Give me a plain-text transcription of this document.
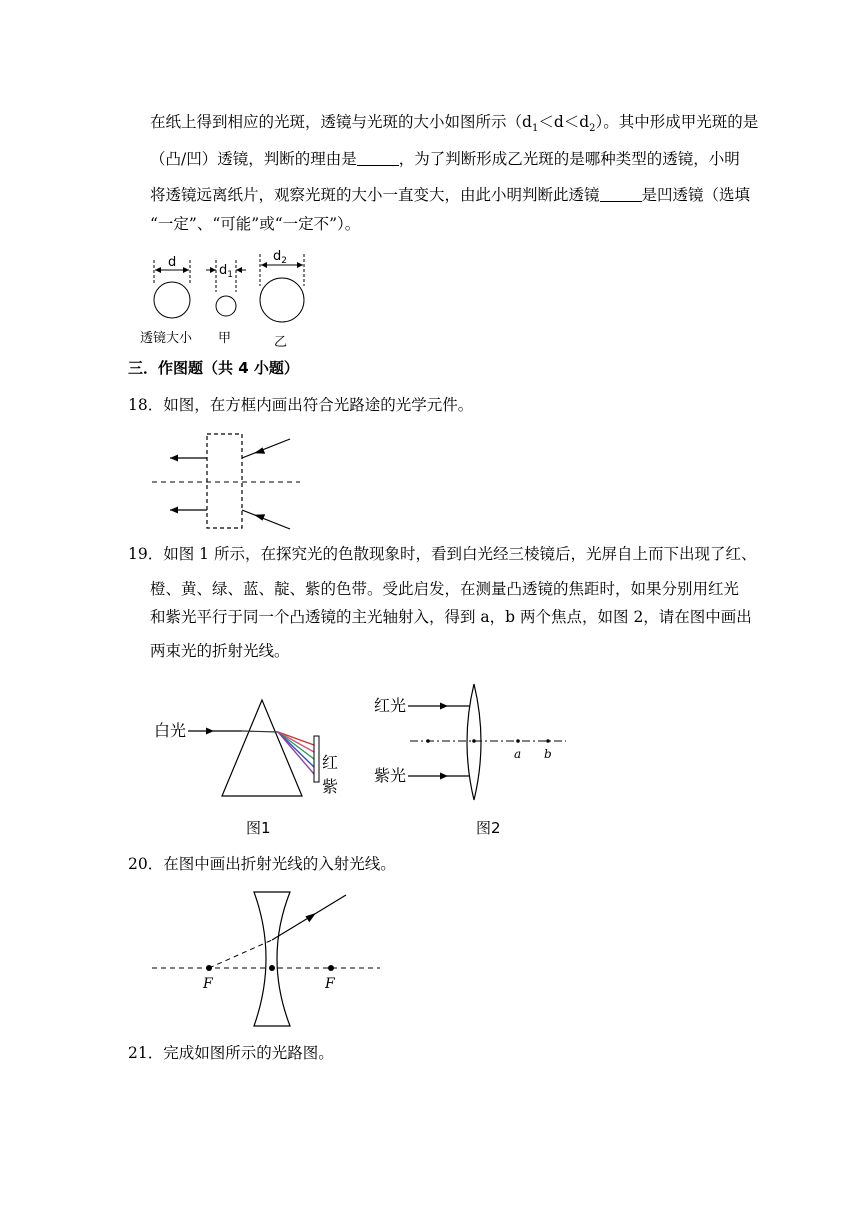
在纸上得到相应的光斑，透镜与光斑的大小如图所示$(d_1<d<d_2)$。其中形成甲光斑的是
（凸/凹）透镜，判断的理由是	，为了判断形成乙光斑的是哪种类型的透镜，小明
将透镜远离纸片，观察光斑的大小一直变大，由此小明判断此透镜	是凹透镜（选填
“一定”、“可能”或“一定不”）。
d
$d_1$
$d_2$
透镜大小 甲	乙
三．作图题（共 4 小题）
18．如图，在方框内画出符合光路途的光学元件。
19．如图 1 所示，在探究光的色散现象时，看到白光经三棱镜后，光屏自上而下出现了红、
橙、黄、绿、蓝、靛、紫的色带。受此启发，在测量凸透镜的焦距时，如果分别用红光
和紫光平行于同一个凸透镜的主光轴射入，得到 a，b 两个焦点，如图 2，请在图中画出
两束光的折射光线。
白光
红
紫
图1
红光
紫光
a b
图2
20．在图中画出折射光线的入射光线。
F	F
21．完成如图所示的光路图。
